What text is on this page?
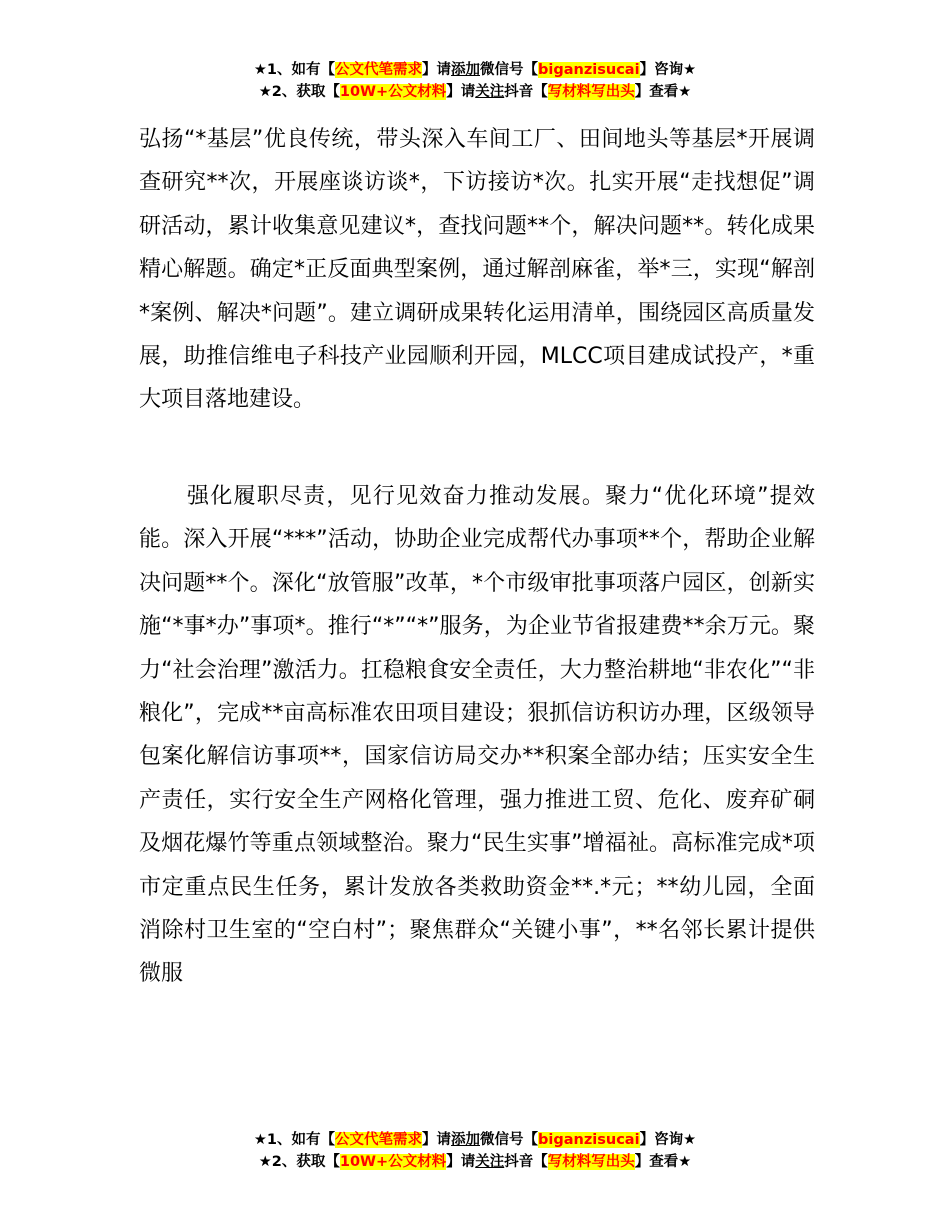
★1、如有【公文代笔需求】请添加微信号【biganzisucai】咨询★
★2、获取【10W+公文材料】请关注抖音【写材料写出头】查看★

弘扬“*基层”优良传统，带头深入车间工厂、田间地头等基层*开展调查研究**次，开展座谈访谈*，下访接访*次。扎实开展“走找想促”调研活动，累计收集意见建议*，查找问题**个，解决问题**。转化成果精心解题。确定*正反面典型案例，通过解剖麻雀，举*三，实现“解剖*案例、解决*问题”。建立调研成果转化运用清单，围绕园区高质量发展，助推信维电子科技产业园顺利开园，MLCC项目建成试投产，*重大项目落地建设。

强化履职尽责，见行见效奋力推动发展。聚力“优化环境”提效能。深入开展“***”活动，协助企业完成帮代办事项**个，帮助企业解决问题**个。深化“放管服”改革，*个市级审批事项落户园区，创新实施“*事*办”事项*。推行“*”“*”服务，为企业节省报建费**余万元。聚力“社会治理”激活力。扛稳粮食安全责任，大力整治耕地“非农化”“非粮化”，完成**亩高标准农田项目建设；狠抓信访积访办理，区级领导包案化解信访事项**，国家信访局交办**积案全部办结；压实安全生产责任，实行安全生产网格化管理，强力推进工贸、危化、废弃矿硐及烟花爆竹等重点领域整治。聚力“民生实事”增福祉。高标准完成*项市定重点民生任务，累计发放各类救助资金**.*元；**幼儿园，全面消除村卫生室的“空白村”；聚焦群众“关键小事”，**名邻长累计提供微服

★1、如有【公文代笔需求】请添加微信号【biganzisucai】咨询★
★2、获取【10W+公文材料】请关注抖音【写材料写出头】查看★
